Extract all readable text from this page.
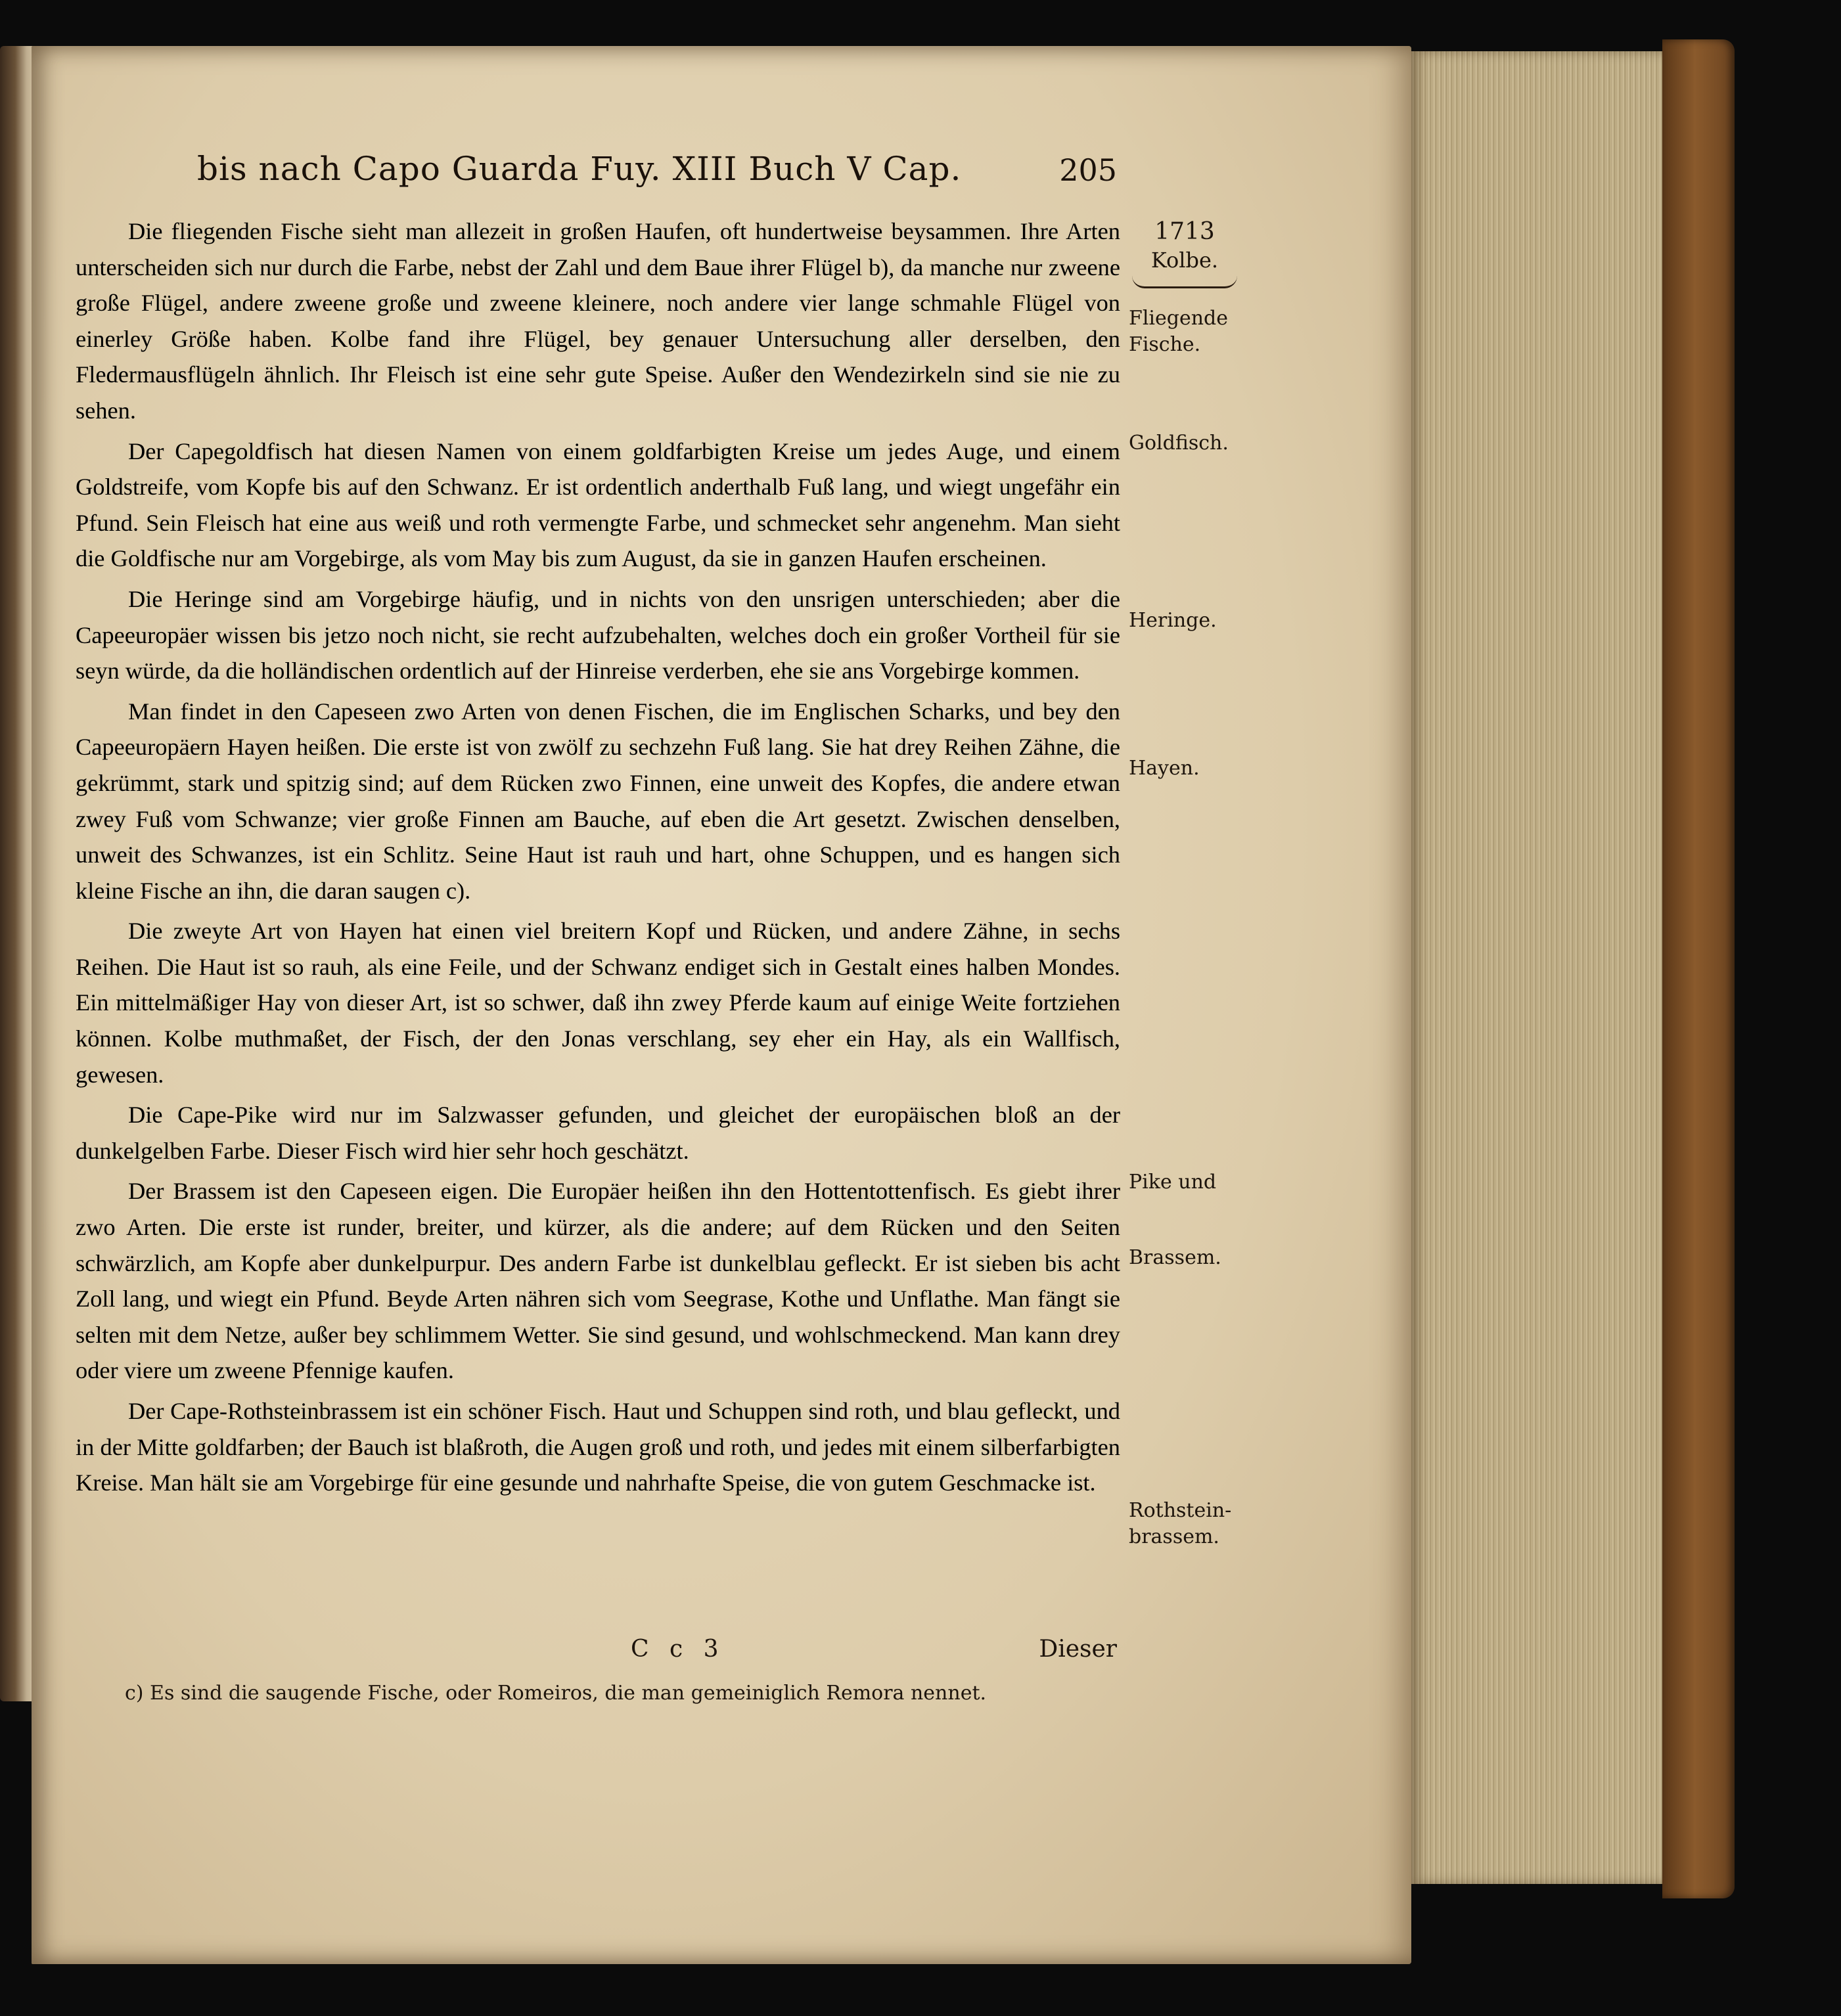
bis nach Capo Guarda Fuy. XIII Buch V Cap.	205

Die fliegenden Fische sieht man allezeit in großen Haufen, oft hundertweise beysammen. Ihre Arten unterscheiden sich nur durch die Farbe, nebst der Zahl und dem Baue ihrer Flügel b), da manche nur zweene große Flügel, andere zweene große und zweene kleinere, noch andere vier lange schmahle Flügel von einerley Größe haben. Kolbe fand ihre Flügel, bey genauer Untersuchung aller derselben, den Fledermausflügeln ähnlich. Ihr Fleisch ist eine sehr gute Speise. Außer den Wendezirkeln sind sie nie zu sehen.

Der Capegoldfisch hat diesen Namen von einem goldfarbigten Kreise um jedes Auge, und einem Goldstreife, vom Kopfe bis auf den Schwanz. Er ist ordentlich anderthalb Fuß lang, und wiegt ungefähr ein Pfund. Sein Fleisch hat eine aus weiß und roth vermengte Farbe, und schmecket sehr angenehm. Man sieht die Goldfische nur am Vorgebirge, als vom May bis zum August, da sie in ganzen Haufen erscheinen.

Die Heringe sind am Vorgebirge häufig, und in nichts von den unsrigen unterschieden; aber die Capeeuropäer wissen bis jetzo noch nicht, sie recht aufzubehalten, welches doch ein großer Vortheil für sie seyn würde, da die holländischen ordentlich auf der Hinreise verderben, ehe sie ans Vorgebirge kommen.

Man findet in den Capeseen zwo Arten von denen Fischen, die im Englischen Scharks, und bey den Capeeuropäern Hayen heißen. Die erste ist von zwölf zu sechzehn Fuß lang. Sie hat drey Reihen Zähne, die gekrümmt, stark und spitzig sind; auf dem Rücken zwo Finnen, eine unweit des Kopfes, die andere etwan zwey Fuß vom Schwanze; vier große Finnen am Bauche, auf eben die Art gesetzt. Zwischen denselben, unweit des Schwanzes, ist ein Schlitz. Seine Haut ist rauh und hart, ohne Schuppen, und es hangen sich kleine Fische an ihn, die daran saugen c).

Die zweyte Art von Hayen hat einen viel breitern Kopf und Rücken, und andere Zähne, in sechs Reihen. Die Haut ist so rauh, als eine Feile, und der Schwanz endiget sich in Gestalt eines halben Mondes. Ein mittelmäßiger Hay von dieser Art, ist so schwer, daß ihn zwey Pferde kaum auf einige Weite fortziehen können. Kolbe muthmaßet, der Fisch, der den Jonas verschlang, sey eher ein Hay, als ein Wallfisch, gewesen.

Die Cape-Pike wird nur im Salzwasser gefunden, und gleichet der europäischen bloß an der dunkelgelben Farbe. Dieser Fisch wird hier sehr hoch geschätzt.

Der Brassem ist den Capeseen eigen. Die Europäer heißen ihn den Hottentottenfisch. Es giebt ihrer zwo Arten. Die erste ist runder, breiter, und kürzer, als die andere; auf dem Rücken und den Seiten schwärzlich, am Kopfe aber dunkelpurpur. Des andern Farbe ist dunkelblau gefleckt. Er ist sieben bis acht Zoll lang, und wiegt ein Pfund. Beyde Arten nähren sich vom Seegrase, Kothe und Unflathe. Man fängt sie selten mit dem Netze, außer bey schlimmem Wetter. Sie sind gesund, und wohlschmeckend. Man kann drey oder viere um zweene Pfennige kaufen.

Der Cape-Rothsteinbrassem ist ein schöner Fisch. Haut und Schuppen sind roth, und blau gefleckt, und in der Mitte goldfarben; der Bauch ist blaßroth, die Augen groß und roth, und jedes mit einem silberfarbigten Kreise. Man hält sie am Vorgebirge für eine gesunde und nahrhafte Speise, die von gutem Geschmacke ist.

1713
Kolbe.
Fliegende Fische.
Goldfisch.
Heringe.
Hayen.
Pike und
Brassem.
Rothstein-brassem.
C c 3	Dieser
c) Es sind die saugende Fische, oder Romeiros, die man gemeiniglich Remora nennet.
